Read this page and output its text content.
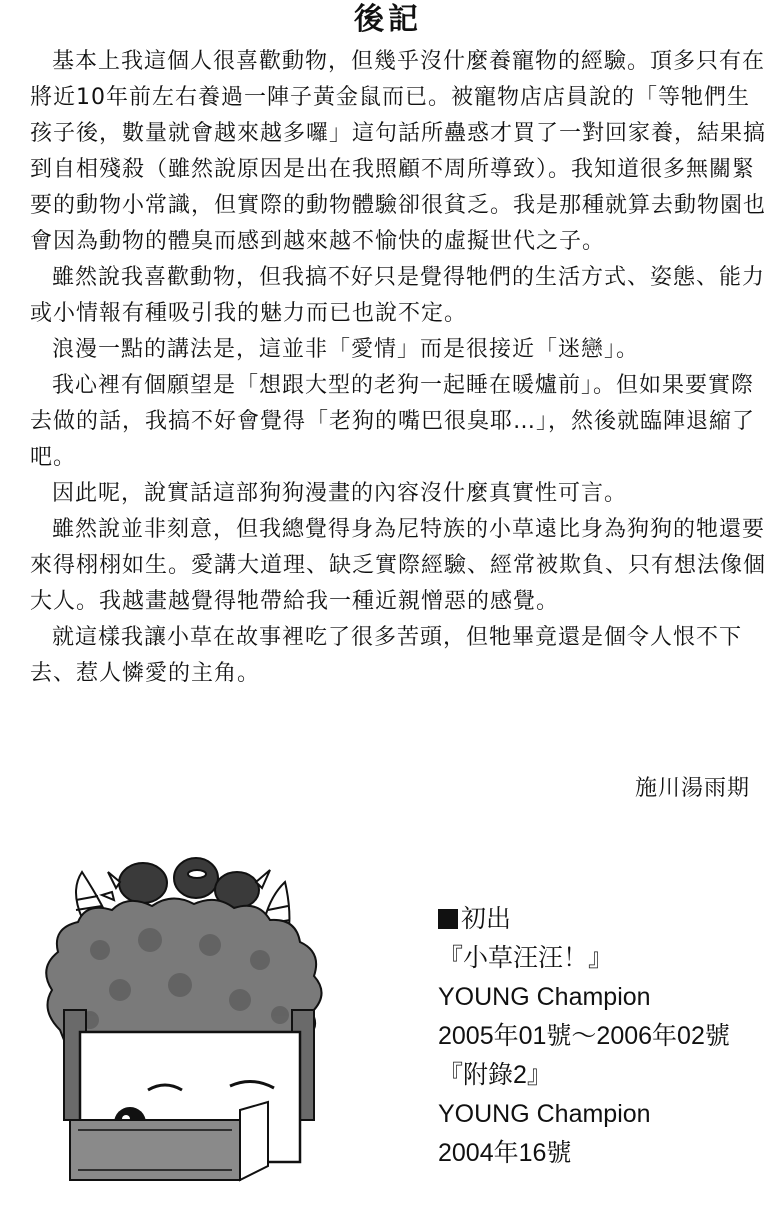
後記

基本上我這個人很喜歡動物，但幾乎沒什麼養寵物的經驗。頂多只有在將近10年前左右養過一陣子黃金鼠而已。被寵物店店員說的「等牠們生孩子後，數量就會越來越多囉」這句話所蠱惑才買了一對回家養，結果搞到自相殘殺（雖然說原因是出在我照顧不周所導致）。我知道很多無關緊要的動物小常識，但實際的動物體驗卻很貧乏。我是那種就算去動物園也會因為動物的體臭而感到越來越不愉快的虛擬世代之子。

雖然說我喜歡動物，但我搞不好只是覺得牠們的生活方式、姿態、能力或小情報有種吸引我的魅力而已也說不定。

浪漫一點的講法是，這並非「愛情」而是很接近「迷戀」。

我心裡有個願望是「想跟大型的老狗一起睡在暖爐前」。但如果要實際去做的話，我搞不好會覺得「老狗的嘴巴很臭耶…」，然後就臨陣退縮了吧。

因此呢，說實話這部狗狗漫畫的內容沒什麼真實性可言。

雖然說並非刻意，但我總覺得身為尼特族的小草遠比身為狗狗的牠還要來得栩栩如生。愛講大道理、缺乏實際經驗、經常被欺負、只有想法像個大人。我越畫越覺得牠帶給我一種近親憎惡的感覺。

就這樣我讓小草在故事裡吃了很多苦頭，但牠畢竟還是個令人恨不下去、惹人憐愛的主角。

施川湯雨期
初出
『小草汪汪！』
YOUNG Champion
2005年01號～2006年02號
『附錄2』
YOUNG Champion
2004年16號
